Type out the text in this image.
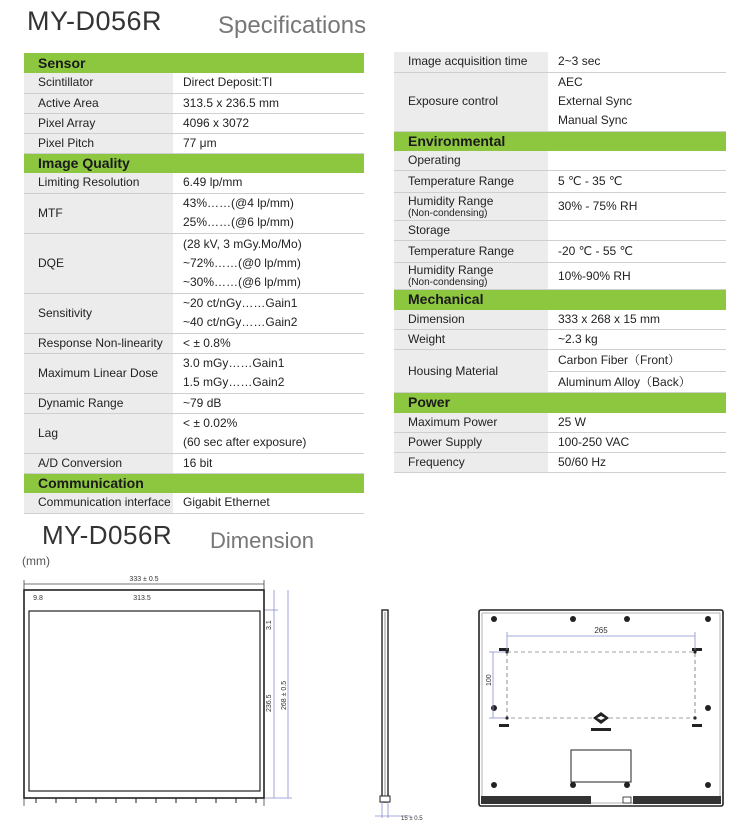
MY-D056R Specifications
Sensor	
Scintillator	Direct Deposit:TI
Active Area	313.5 x 236.5 mm
Pixel Array	4096 x 3072
Pixel Pitch	77 μm
Image Quality	
Limiting Resolution	6.49 lp/mm
MTF	43%……(@4 lp/mm)
25%……(@6 lp/mm)

DQE	(28 kV, 3 mGy.Mo/Mo)
~72%……(@0 lp/mm)
~30%……(@6 lp/mm)

Sensitivity	~20 ct/nGy……Gain1
~40 ct/nGy……Gain2

Response Non-linearity	< ± 0.8%
Maximum Linear Dose	3.0 mGy……Gain1
1.5 mGy……Gain2

Dynamic Range	~79 dB
Lag	< ± 0.02%
(60 sec after exposure)

A/D Conversion	16 bit
Communication	
Communication interface	Gigabit Ethernet
Image acquisition time	2~3 sec
Exposure control	AEC
External Sync
Manual Sync

Environmental	
Operating	
Temperature Range	5 ℃ - 35 ℃

Humidity Range
(Non-condensing)	30% - 75% RH
Storage	
Temperature Range	-20 ℃ - 55 ℃

Humidity Range
(Non-condensing)	10%-90% RH
Mechanical	
Dimension	333 x 268 x 15 mm
Weight	~2.3 kg
Housing Material	Carbon Fiber（Front）
	Aluminum Alloy（Back）
Power	
Maximum Power	25 W
Power Supply	100-250 VAC
Frequency	50/60 Hz
MY-D056R Dimension
(mm)
333 ± 0.5
9.8	313.5
3.1
236.5 268 ± 0.5
15 ± 0.5
265
100
